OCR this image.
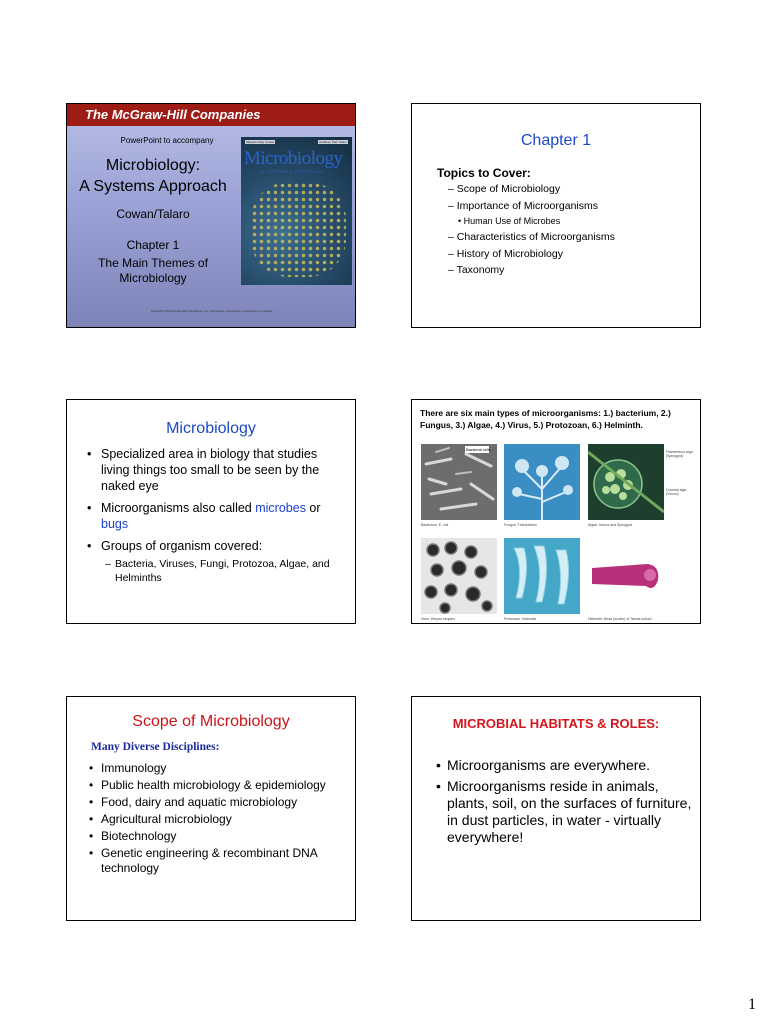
The McGraw-Hill Companies
PowerPoint to accompany
Microbiology:
A Systems Approach
Cowan/Talaro
Chapter 1
The Main Themes of
Microbiology
Marjorie Kelly Cowan	Kathleen Park Talaro
Microbiology
A SYSTEMS APPROACH
Copyright The McGraw-Hill Companies, Inc. Permission required for reproduction or display.
Chapter 1
Topics to Cover:
– Scope of Microbiology
– Importance of Microorganisms
• Human Use of Microbes
– Characteristics of Microorganisms
– History of Microbiology
– Taxonomy
Microbiology
• Specialized area in biology that studies living things too small to be seen by the naked eye
• Microorganisms also called microbes or bugs
• Groups of organism covered:
– Bacteria, Viruses, Fungi, Protozoa, Algae, and Helminths
There are six main types of microorganisms: 1.) bacterium, 2.) Fungus, 3.) Algae, 4.) Virus, 5.) Protozoan, 6.) Helminth.
Bacterial cells	Filamentous alga (Spirogyra)
Colonial alga (Volvox)
Bacterium: E. coli	Fungus: Thamnidium	Algae: Volvox and Spirogyra
Virus: Herpes simplex	Protozoan: Vorticella	Helminth: Head (scolex) of Taenia solium
Scope of Microbiology
Many Diverse Disciplines:
• Immunology
• Public health microbiology & epidemiology
• Food, dairy and aquatic microbiology
• Agricultural microbiology
• Biotechnology
• Genetic engineering & recombinant DNA technology
MICROBIAL HABITATS & ROLES:
• Microorganisms are everywhere.
• Microorganisms reside in animals, plants, soil, on the surfaces of furniture, in dust particles, in water - virtually everywhere!
1
